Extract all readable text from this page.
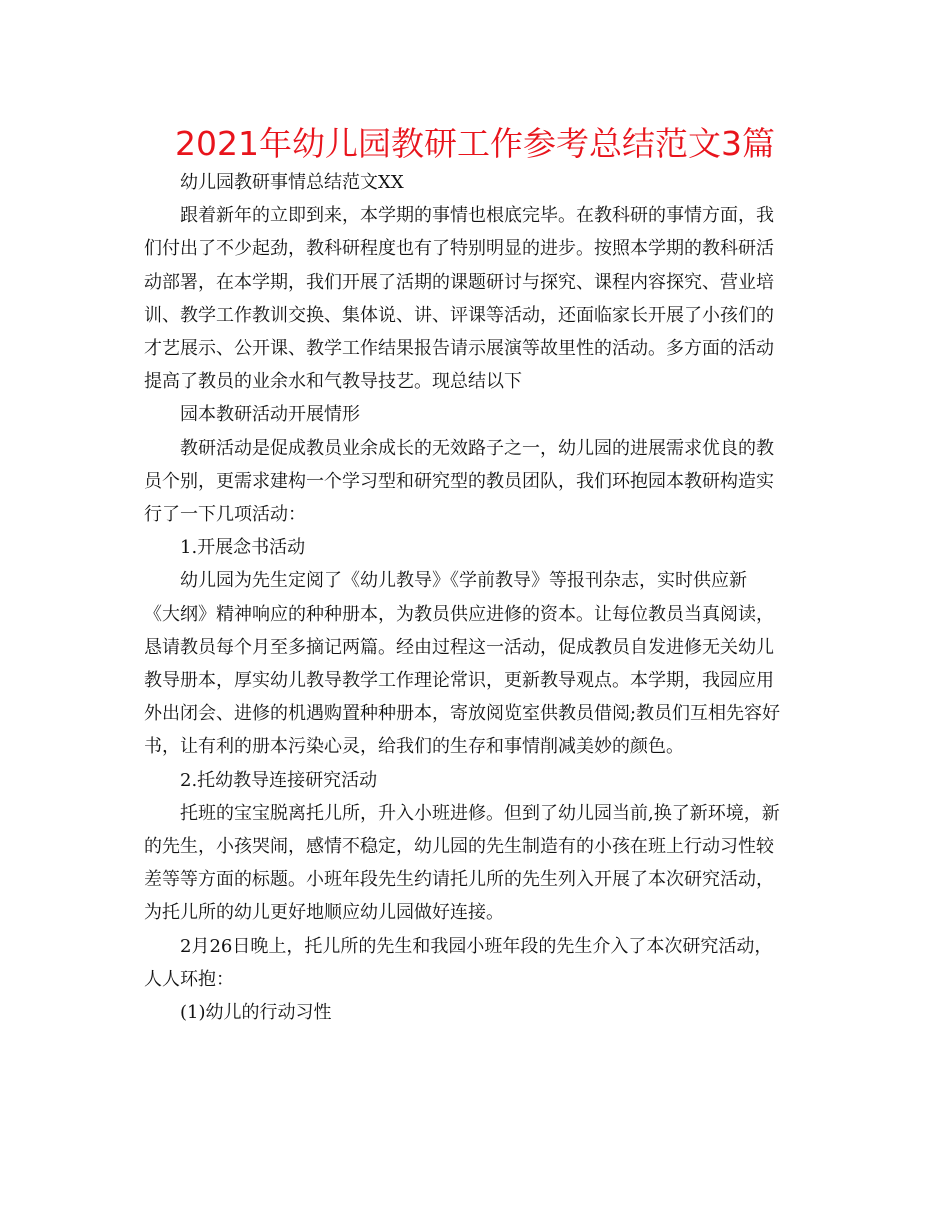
2021年幼儿园教研工作参考总结范文3篇

幼儿园教研事情总结范文XX

跟着新年的立即到来，本学期的事情也根底完毕。在教科研的事情方面，我
们付出了不少起劲，教科研程度也有了特别明显的进步。按照本学期的教科研活
动部署，在本学期，我们开展了活期的课题研讨与探究、课程内容探究、营业培
训、教学工作教训交换、集体说、讲、评课等活动，还面临家长开展了小孩们的
才艺展示、公开课、教学工作结果报告请示展演等故里性的活动。多方面的活动
提高了教员的业余水和气教导技艺。现总结以下

园本教研活动开展情形

教研活动是促成教员业余成长的无效路子之一，幼儿园的进展需求优良的教
员个别，更需求建构一个学习型和研究型的教员团队，我们环抱园本教研构造实
行了一下几项活动：

1.开展念书活动

幼儿园为先生定阅了《幼儿教导》《学前教导》等报刊杂志，实时供应新
《大纲》精神响应的种种册本，为教员供应进修的资本。让每位教员当真阅读，
恳请教员每个月至多摘记两篇。经由过程这一活动，促成教员自发进修无关幼儿
教导册本，厚实幼儿教导教学工作理论常识，更新教导观点。本学期，我园应用
外出闭会、进修的机遇购置种种册本，寄放阅览室供教员借阅;教员们互相先容好
书，让有利的册本污染心灵，给我们的生存和事情削减美妙的颜色。

2.托幼教导连接研究活动

托班的宝宝脱离托儿所，升入小班进修。但到了幼儿园当前,换了新环境，新
的先生，小孩哭闹，感情不稳定，幼儿园的先生制造有的小孩在班上行动习性较
差等等方面的标题。小班年段先生约请托儿所的先生列入开展了本次研究活动，
为托儿所的幼儿更好地顺应幼儿园做好连接。

2月26日晚上，托儿所的先生和我园小班年段的先生介入了本次研究活动，
人人环抱：

(1)幼儿的行动习性
